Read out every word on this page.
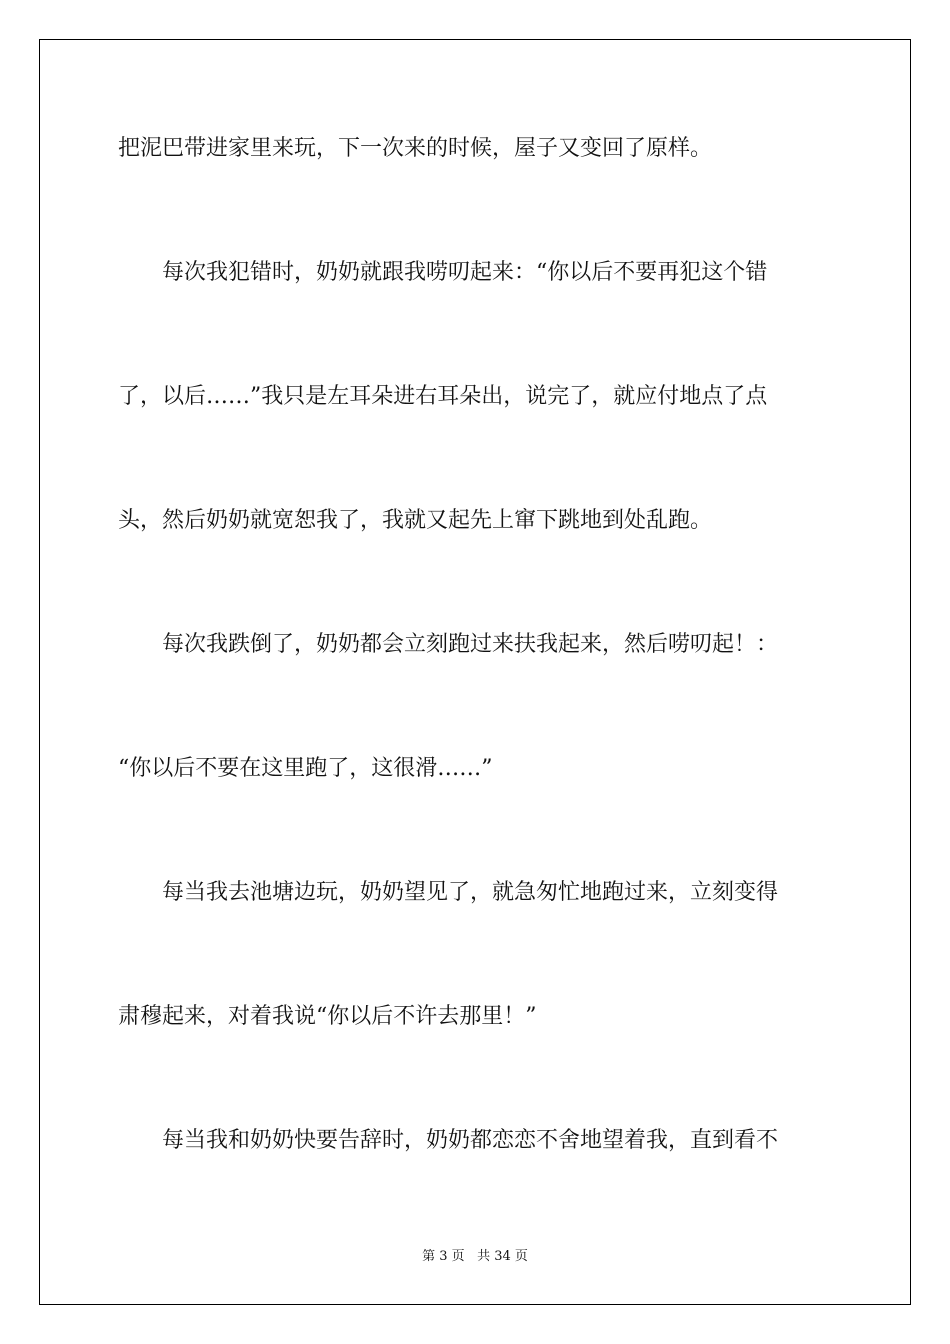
把泥巴带进家里来玩，下一次来的时候，屋子又变回了原样。
每次我犯错时，奶奶就跟我唠叨起来：“你以后不要再犯这个错
了，以后……”我只是左耳朵进右耳朵出，说完了，就应付地点了点
头，然后奶奶就宽恕我了，我就又起先上窜下跳地到处乱跑。
每次我跌倒了，奶奶都会立刻跑过来扶我起来，然后唠叨起！：
“你以后不要在这里跑了，这很滑……”
每当我去池塘边玩，奶奶望见了，就急匆忙地跑过来，立刻变得
肃穆起来，对着我说“你以后不许去那里！”
每当我和奶奶快要告辞时，奶奶都恋恋不舍地望着我，直到看不
第 3 页 共 34 页
